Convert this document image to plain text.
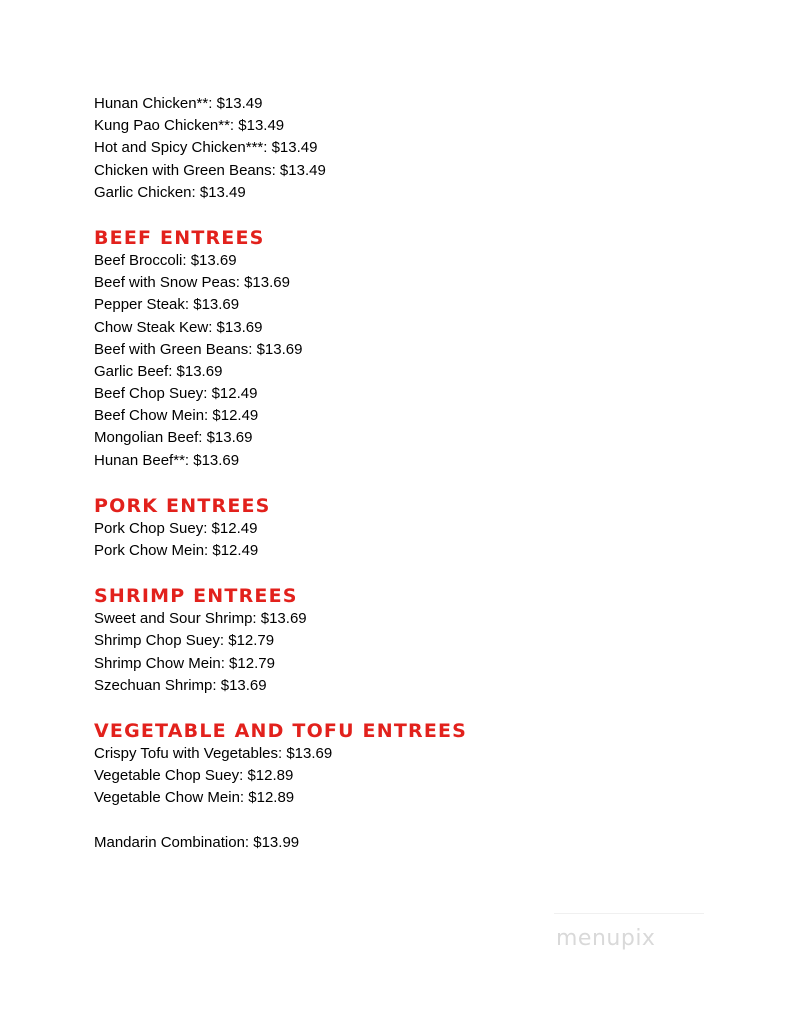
Hunan Chicken**: $13.49
Kung Pao Chicken**: $13.49
Hot and Spicy Chicken***: $13.49
Chicken with Green Beans: $13.49
Garlic Chicken: $13.49
BEEF ENTREES
Beef Broccoli: $13.69
Beef with Snow Peas: $13.69
Pepper Steak: $13.69
Chow Steak Kew: $13.69
Beef with Green Beans: $13.69
Garlic Beef: $13.69
Beef Chop Suey: $12.49
Beef Chow Mein: $12.49
Mongolian Beef: $13.69
Hunan Beef**: $13.69
PORK ENTREES
Pork Chop Suey: $12.49
Pork Chow Mein: $12.49
SHRIMP ENTREES
Sweet and Sour Shrimp: $13.69
Shrimp Chop Suey: $12.79
Shrimp Chow Mein: $12.79
Szechuan Shrimp: $13.69
VEGETABLE AND TOFU ENTREES
Crispy Tofu with Vegetables: $13.69
Vegetable Chop Suey: $12.89
Vegetable Chow Mein: $12.89
Mandarin Combination: $13.99
menupix
